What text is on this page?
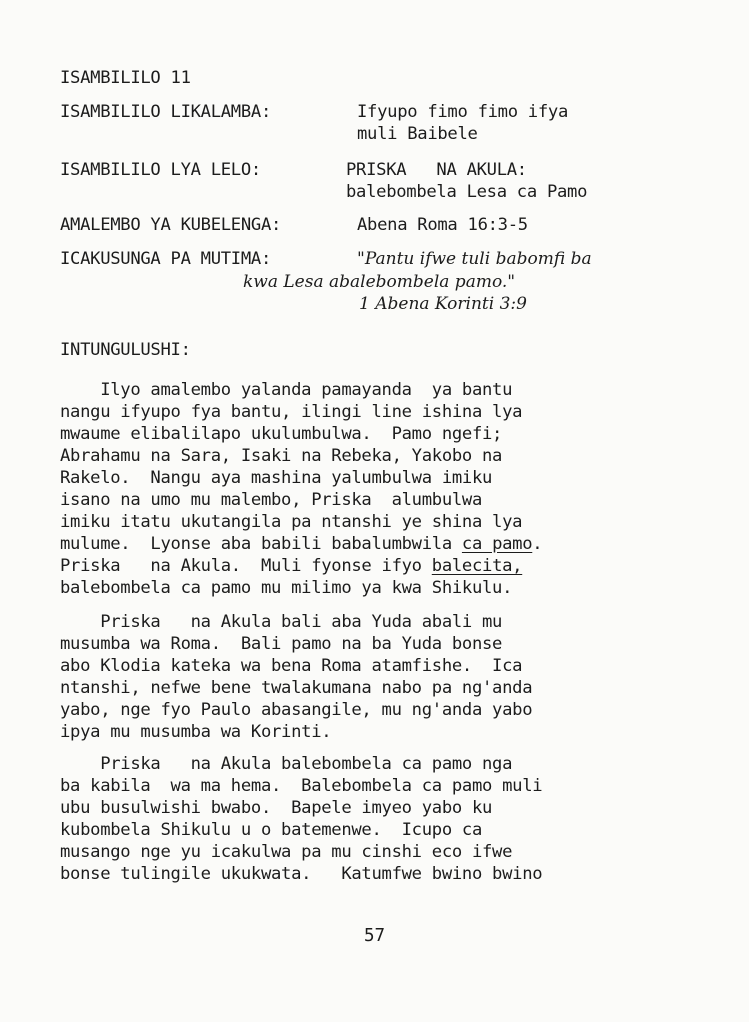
ISAMBILILO 11
ISAMBILILO LIKALAMBA:	Ifyupo fimo fimo ifya
muli Baibele
ISAMBILILO LYA LELO:	PRISKA   NA AKULA:
balebombela Lesa ca Pamo
AMALEMBO YA KUBELENGA:	Abena Roma 16:3-5
ICAKUSUNGA PA MUTIMA:	"Pantu ifwe tuli babomfi ba
kwa Lesa abalebombela pamo."
1 Abena Korinti 3:9
INTUNGULUSHI:
Ilyo amalembo yalanda pamayanda  ya bantu
nangu ifyupo fya bantu, ilingi line ishina lya
mwaume elibalilapo ukulumbulwa.  Pamo ngefi;
Abrahamu na Sara, Isaki na Rebeka, Yakobo na
Rakelo.  Nangu aya mashina yalumbulwa imiku
isano na umo mu malembo, Priska  alumbulwa
imiku itatu ukutangila pa ntanshi ye shina lya
mulume.  Lyonse aba babili babalumbwila ca pamo.
Priska   na Akula.  Muli fyonse ifyo balecita,
balebombela ca pamo mu milimo ya kwa Shikulu.
Priska   na Akula bali aba Yuda abali mu
musumba wa Roma.  Bali pamo na ba Yuda bonse
abo Klodia kateka wa bena Roma atamfishe.  Ica
ntanshi, nefwe bene twalakumana nabo pa ng'anda
yabo, nge fyo Paulo abasangile, mu ng'anda yabo
ipya mu musumba wa Korinti.
Priska   na Akula balebombela ca pamo nga
ba kabila  wa ma hema.  Balebombela ca pamo muli
ubu busulwishi bwabo.  Bapele imyeo yabo ku
kubombela Shikulu u o batemenwe.  Icupo ca
musango nge yu icakulwa pa mu cinshi eco ifwe
bonse tulingile ukukwata.   Katumfwe bwino bwino
57
